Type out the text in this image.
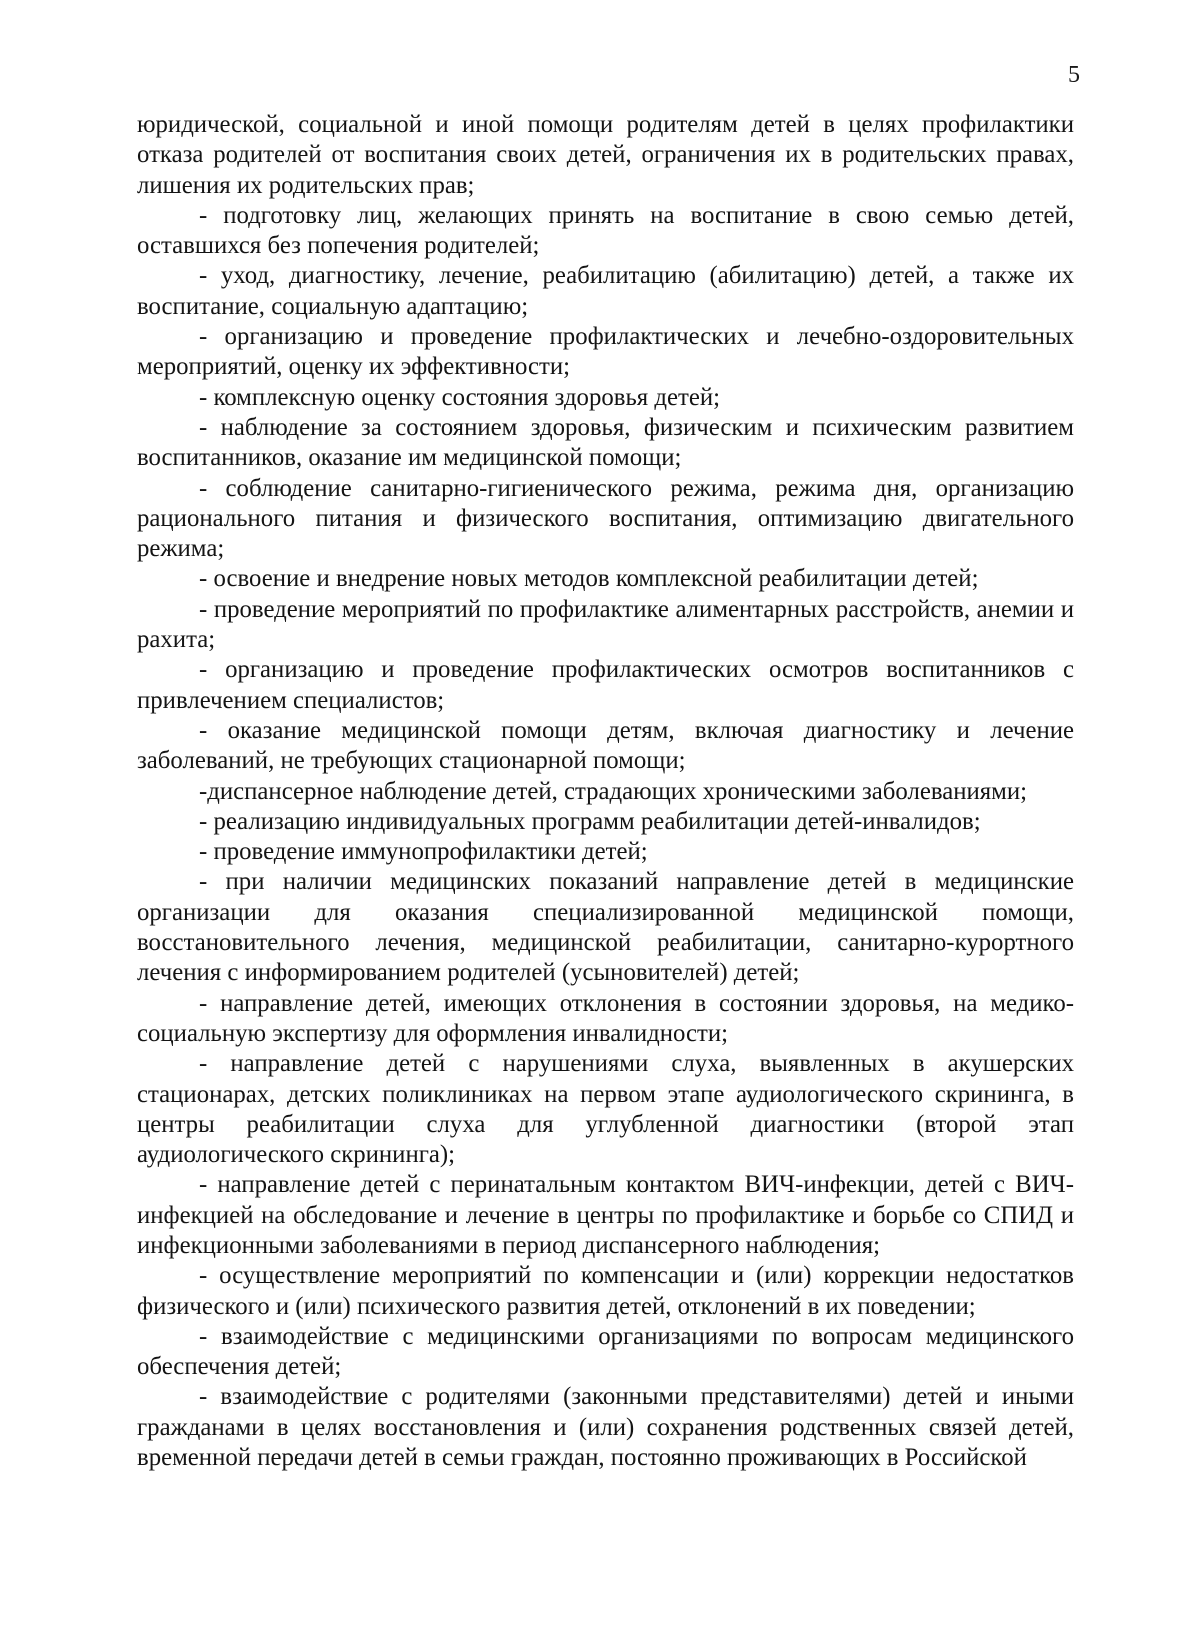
5

юридической, социальной и иной помощи родителям детей в целях профилактики отказа родителей от воспитания своих детей, ограничения их в родительских правах, лишения их родительских прав;

- подготовку лиц, желающих принять на воспитание в свою семью детей, оставшихся без попечения родителей;

- уход, диагностику, лечение, реабилитацию (абилитацию) детей, а также их воспитание, социальную адаптацию;

- организацию и проведение профилактических и лечебно-оздоровительных мероприятий, оценку их эффективности;

- комплексную оценку состояния здоровья детей;

- наблюдение за состоянием здоровья, физическим и психическим развитием воспитанников, оказание им медицинской помощи;

- соблюдение санитарно-гигиенического режима, режима дня, организацию рационального питания и физического воспитания, оптимизацию двигательного режима;

- освоение и внедрение новых методов комплексной реабилитации детей;

- проведение мероприятий по профилактике алиментарных расстройств, анемии и рахита;

- организацию и проведение профилактических осмотров воспитанников с привлечением специалистов;

- оказание медицинской помощи детям, включая диагностику и лечение заболеваний, не требующих стационарной помощи;

-диспансерное наблюдение детей, страдающих хроническими заболеваниями;

- реализацию индивидуальных программ реабилитации детей-инвалидов;

- проведение иммунопрофилактики детей;

- при наличии медицинских показаний направление детей в медицинские организации для оказания специализированной медицинской помощи, восстановительного лечения, медицинской реабилитации, санитарно-курортного лечения с информированием родителей (усыновителей) детей;

- направление детей, имеющих отклонения в состоянии здоровья, на медико-социальную экспертизу для оформления инвалидности;

- направление детей с нарушениями слуха, выявленных в акушерских стационарах, детских поликлиниках на первом этапе аудиологического скрининга, в центры реабилитации слуха для углубленной диагностики (второй этап аудиологического скрининга);

- направление детей с перинатальным контактом ВИЧ-инфекции, детей с ВИЧ-инфекцией на обследование и лечение в центры по профилактике и борьбе со СПИД и инфекционными заболеваниями в период диспансерного наблюдения;

- осуществление мероприятий по компенсации и (или) коррекции недостатков физического и (или) психического развития детей, отклонений в их поведении;

- взаимодействие с медицинскими организациями по вопросам медицинского обеспечения детей;

- взаимодействие с родителями (законными представителями) детей и иными гражданами в целях восстановления и (или) сохранения родственных связей детей, временной передачи детей в семьи граждан, постоянно проживающих в Российской
